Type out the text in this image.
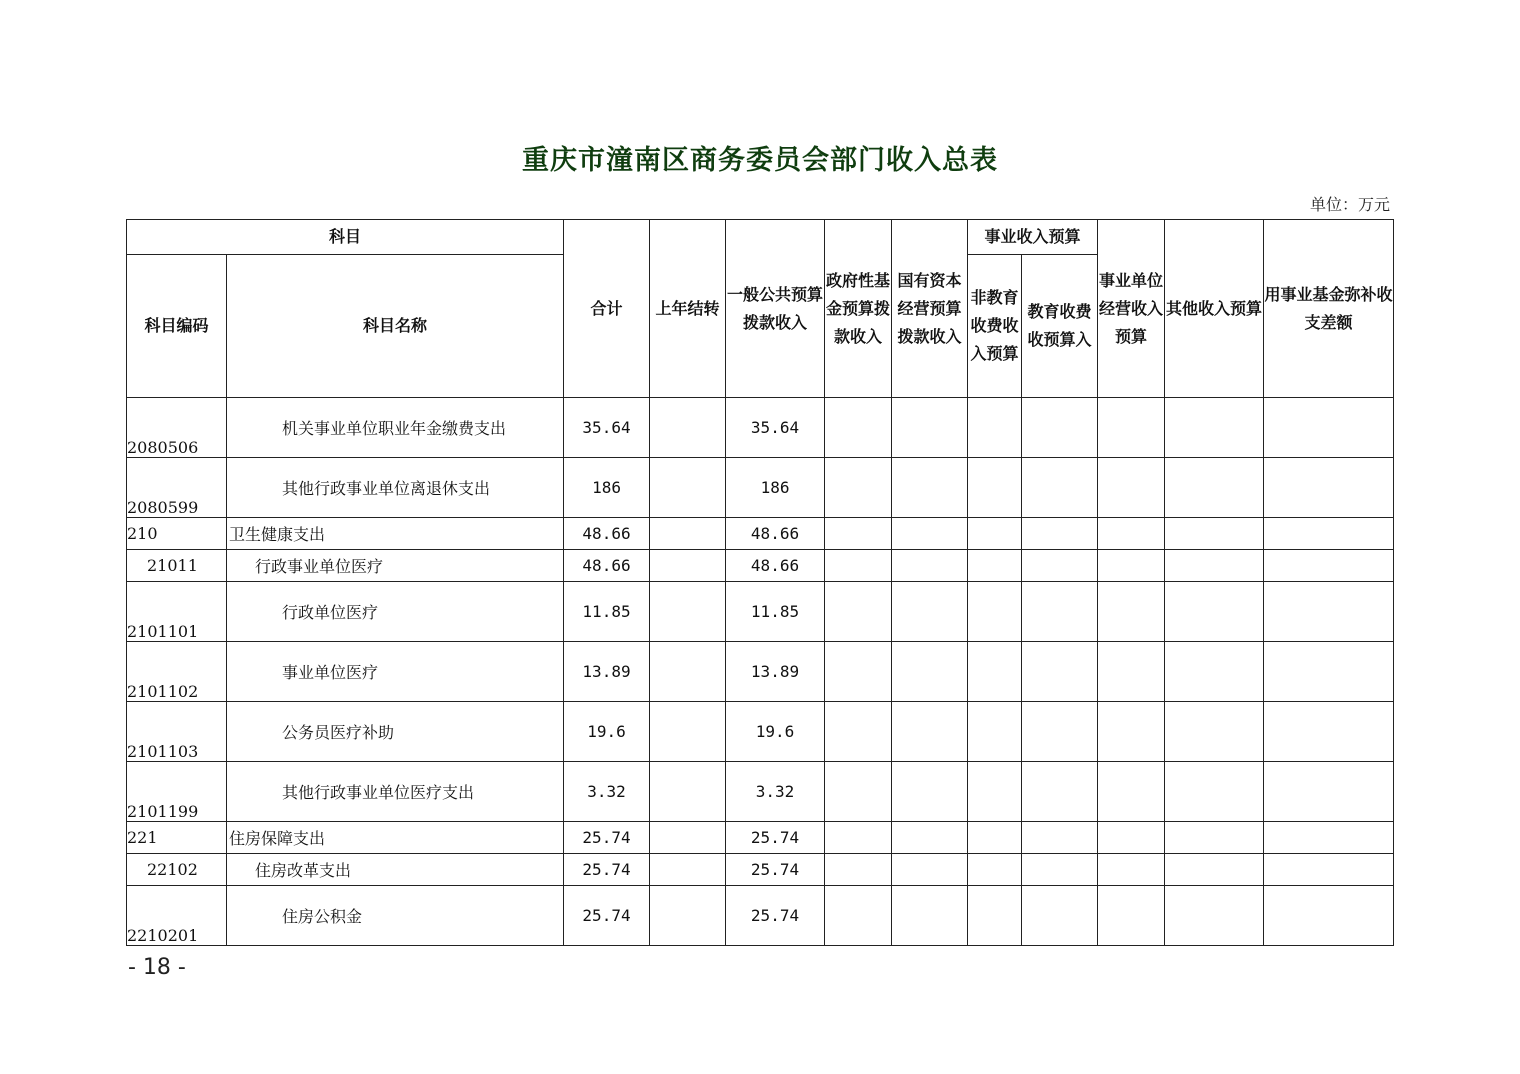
重庆市潼南区商务委员会部门收入总表
单位：万元
科目		合计	上年结转	一般公共预算拨款收入	政府性基金预算拨款收入	国有资本经营预算拨款收入	事业收入预算		事业单位经营收入预算	其他收入预算	用事业基金弥补收支差额
科目编码	科目名称						非教育收费收入预算	教育收费收预算入			
2080506	机关事业单位职业年金缴费支出	35.64		35.64							
2080599	其他行政事业单位离退休支出	186		186							
210	卫生健康支出	48.66		48.66							
21011	行政事业单位医疗	48.66		48.66							
2101101	行政单位医疗	11.85		11.85							
2101102	事业单位医疗	13.89		13.89							
2101103	公务员医疗补助	19.6		19.6							
2101199	其他行政事业单位医疗支出	3.32		3.32							
221	住房保障支出	25.74		25.74							
22102	住房改革支出	25.74		25.74							
2210201	住房公积金	25.74		25.74							
- 18 -
